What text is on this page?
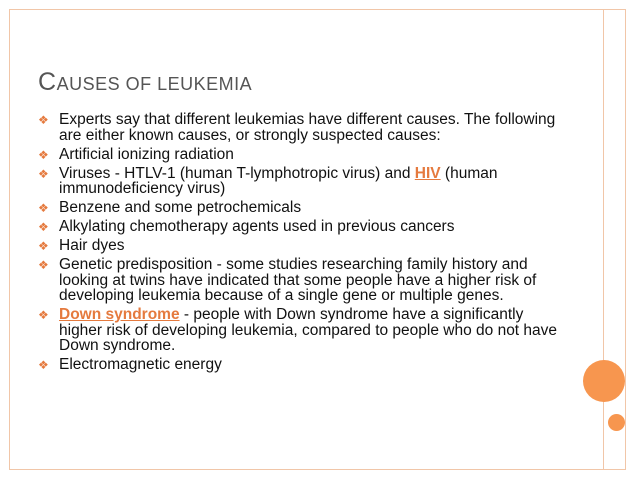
CAUSES OF LEUKEMIA
❖ Experts say that different leukemias have different causes. The following are either known causes, or strongly suspected causes:
❖ Artificial ionizing radiation
❖ Viruses - HTLV-1 (human T-lymphotropic virus) and HIV (human immunodeficiency virus)
❖ Benzene and some petrochemicals
❖ Alkylating chemotherapy agents used in previous cancers
❖ Hair dyes
❖ Genetic predisposition - some studies researching family history and looking at twins have indicated that some people have a higher risk of developing leukemia because of a single gene or multiple genes.
❖ Down syndrome - people with Down syndrome have a significantly higher risk of developing leukemia, compared to people who do not have Down syndrome.
❖ Electromagnetic energy
